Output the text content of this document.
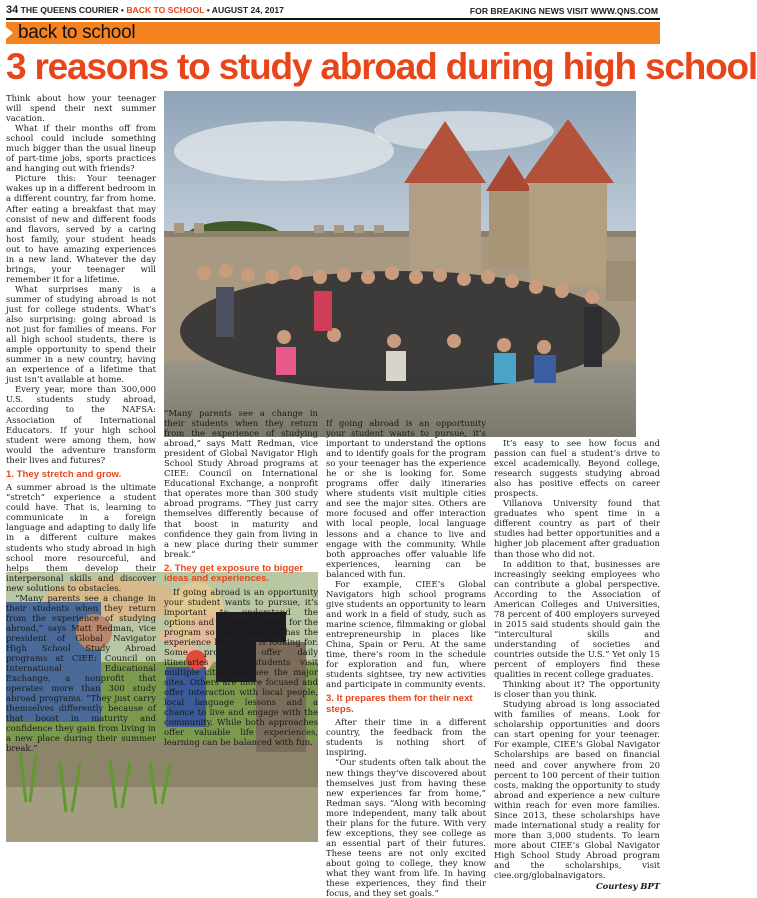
34 THE QUEENS COURIER • BACK TO SCHOOL • AUGUST 24, 2017	FOR BREAKING NEWS VISIT WWW.QNS.COM
back to school
3 reasons to study abroad during high school

Think about how your teenager will spend their next summer vacation.

What if their months off from school could include something much bigger than the usual lineup of part-time jobs, sports practices and hanging out with friends?

Picture this: Your teenager wakes up in a different bedroom in a different country, far from home. After eating a breakfast that may consist of new and different foods and flavors, served by a caring host family, your student heads out to have amazing experiences in a new land. Whatever the day brings, your teenager will remember it for a lifetime.

What surprises many is a summer of studying abroad is not just for college students. What’s also surprising: going abroad is not just for families of means. For all high school students, there is ample opportunity to spend their summer in a new country, having an experience of a lifetime that just isn’t available at home.

Every year, more than 300,000 U.S. students study abroad, according to the NAFSA: Association of International Educators. If your high school student were among them, how would the adventure transform their lives and futures?

1. They stretch and grow.

A summer abroad is the ultimate “stretch” experience a student could have. That is, learning to communicate in a foreign language and adapting to daily life in a different culture makes students who study abroad in high school more resourceful, and helps them develop their interpersonal skills and discover new solutions to obstacles.

“Many parents see a change in their students when they return from the experience of studying abroad,” says Matt Redman, vice president of Global Navigator High School Study Abroad programs at CIEE: Council on International Educational Exchange, a nonprofit that operates more than 300 study abroad programs. “They just carry themselves differently because of that boost in maturity and confidence they gain from living in a new place during their summer break.”

“Many parents see a change in their students when they return from the experience of studying abroad,” says Matt Redman, vice president of Global Navigator High School Study Abroad programs at CIEE: Council on International Educational Exchange, a nonprofit that operates more than 300 study abroad programs. “They just carry themselves differently because of that boost in maturity and confidence they gain from living in a new place during their summer break.”

2. They get exposure to bigger ideas and experiences.

If going abroad is an opportunity your student wants to pursue, it’s important to understand the options and to identify goals for the program so your teenager has the experience he or she is looking for. Some programs offer daily itineraries where students visit multiple cities and see the major sites. Others are more focused and offer interaction with local people, local language lessons and a chance to live and engage with the community. While both approaches offer valuable life experiences, learning can be balanced with fun.

If going abroad is an opportunity your student wants to pursue, it’s important to understand the options and to identify goals for the program so your teenager has the experience he or she is looking for. Some programs offer daily itineraries where students visit multiple cities and see the major sites. Others are more focused and offer interaction with local people, local language lessons and a chance to live and engage with the community. While both approaches offer valuable life experiences, learning can be balanced with fun.

For example, CIEE’s Global Navigators high school programs give students an opportunity to learn and work in a field of study, such as marine science, filmmaking or global entrepreneurship in places like China, Spain or Peru. At the same time, there’s room in the schedule for exploration and fun, where students sightsee, try new activities and participate in community events.

3. It prepares them for their next steps.

After their time in a different country, the feedback from the students is nothing short of inspiring.

“Our students often talk about the new things they’ve discovered about themselves just from having these new experiences far from home,” Redman says. “Along with becoming more independent, many talk about their plans for the future. With very few exceptions, they see college as an essential part of their futures. These teens are not only excited about going to college, they know what they want from life. In having these experiences, they find their focus, and they set goals.”

It’s easy to see how focus and passion can fuel a student’s drive to excel academically. Beyond college, research suggests studying abroad also has positive effects on career prospects.

Villanova University found that graduates who spent time in a different country as part of their studies had better opportunities and a higher job placement after graduation than those who did not.

In addition to that, businesses are increasingly seeking employees who can contribute a global perspective. According to the Association of American Colleges and Universities, 78 percent of 400 employers surveyed in 2015 said students should gain the “intercultural skills and understanding of societies and countries outside the U.S.” Yet only 15 percent of employers find these qualities in recent college graduates.

Thinking about it? The opportunity is closer than you think.

Studying abroad is long associated with families of means. Look for scholarship opportunities and doors can start opening for your teenager. For example, CIEE’s Global Navigator Scholarships are based on financial need and cover anywhere from 20 percent to 100 percent of their tuition costs, making the opportunity to study abroad and experience a new culture within reach for even more families. Since 2013, these scholarships have made international study a reality for more than 3,000 students. To learn more about CIEE’s Global Navigator High School Study Abroad program and the scholarships, visit ciee.org/globalnavigators.

Courtesy BPT
